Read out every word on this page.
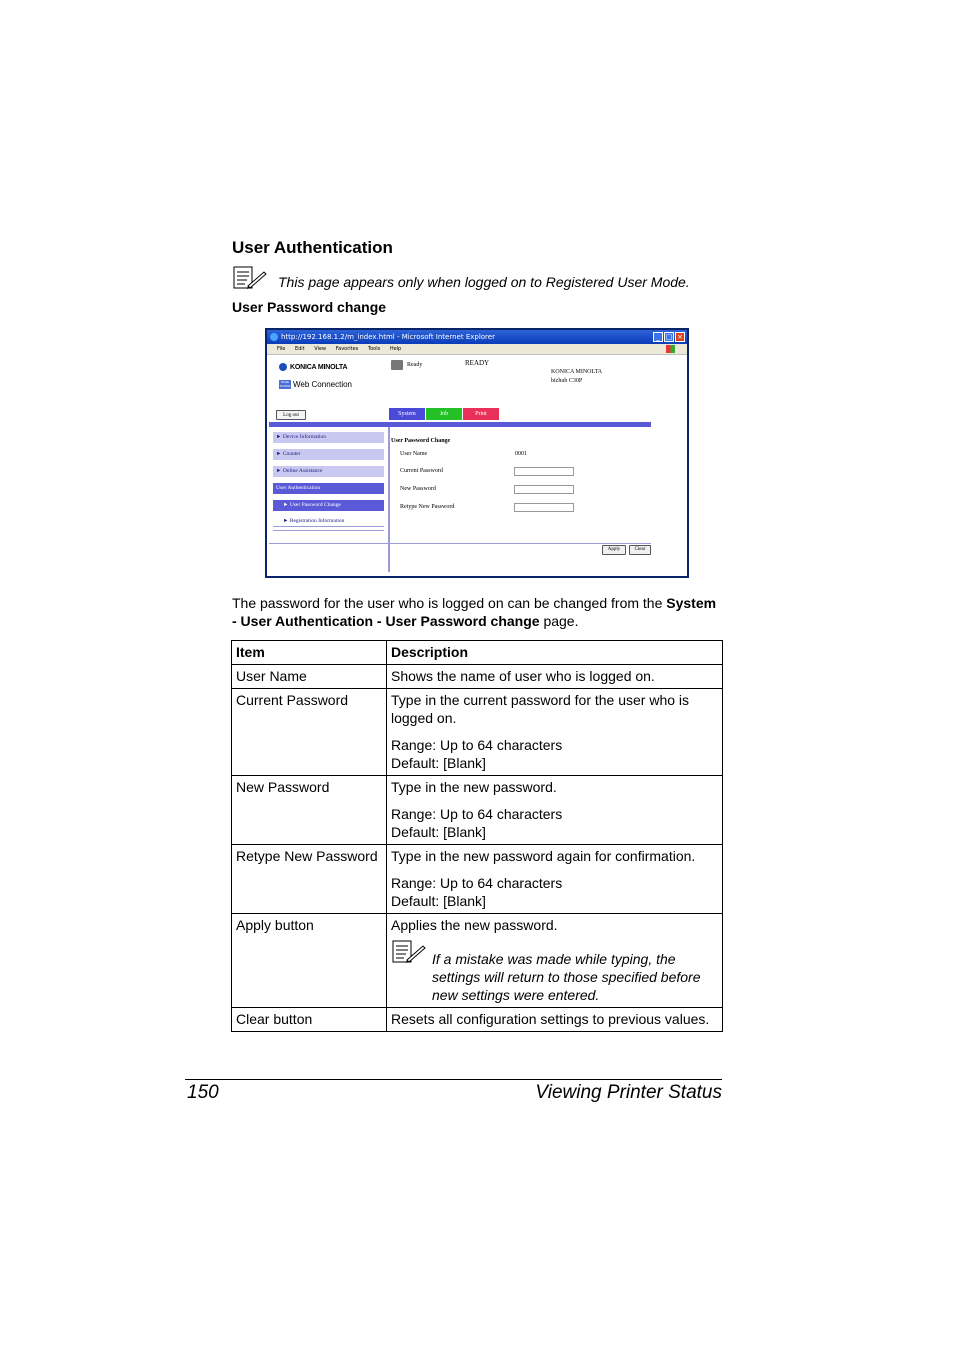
User Authentication
This page appears only when logged on to Registered User Mode.
User Password change
http://192.168.1.2/m_index.html - Microsoft Internet Explorer	_ □ ×
File Edit View Favorites Tools Help
KONICA MINOLTA
PAGE SCOPE Web Connection
Ready	READY
KONICA MINOLTA
bizhub C30P
Log out	System	Job	Print
► Device Information
► Counter
► Online Assistance
User Authentication
► User Password Change
► Registration Information
User Password Change
User Name	0001
Current Password
New Password
Retype New Password
Apply	Clear
The password for the user who is logged on can be changed from the System - User Authentication - User Password change page.
Item	Description
User Name	Shows the name of user who is logged on.
Current Password	Type in the current password for the user who is logged on.
Range: Up to 64 characters
Default: [Blank]

New Password	Type in the new password.
Range: Up to 64 characters
Default: [Blank]

Retype New Password	Type in the new password again for confirmation.
Range: Up to 64 characters
Default: [Blank]

Apply button	Applies the new password.
If a mistake was made while typing, the settings will return to those specified before new settings were entered.

Clear button	Resets all configuration settings to previous values.
150	Viewing Printer Status
